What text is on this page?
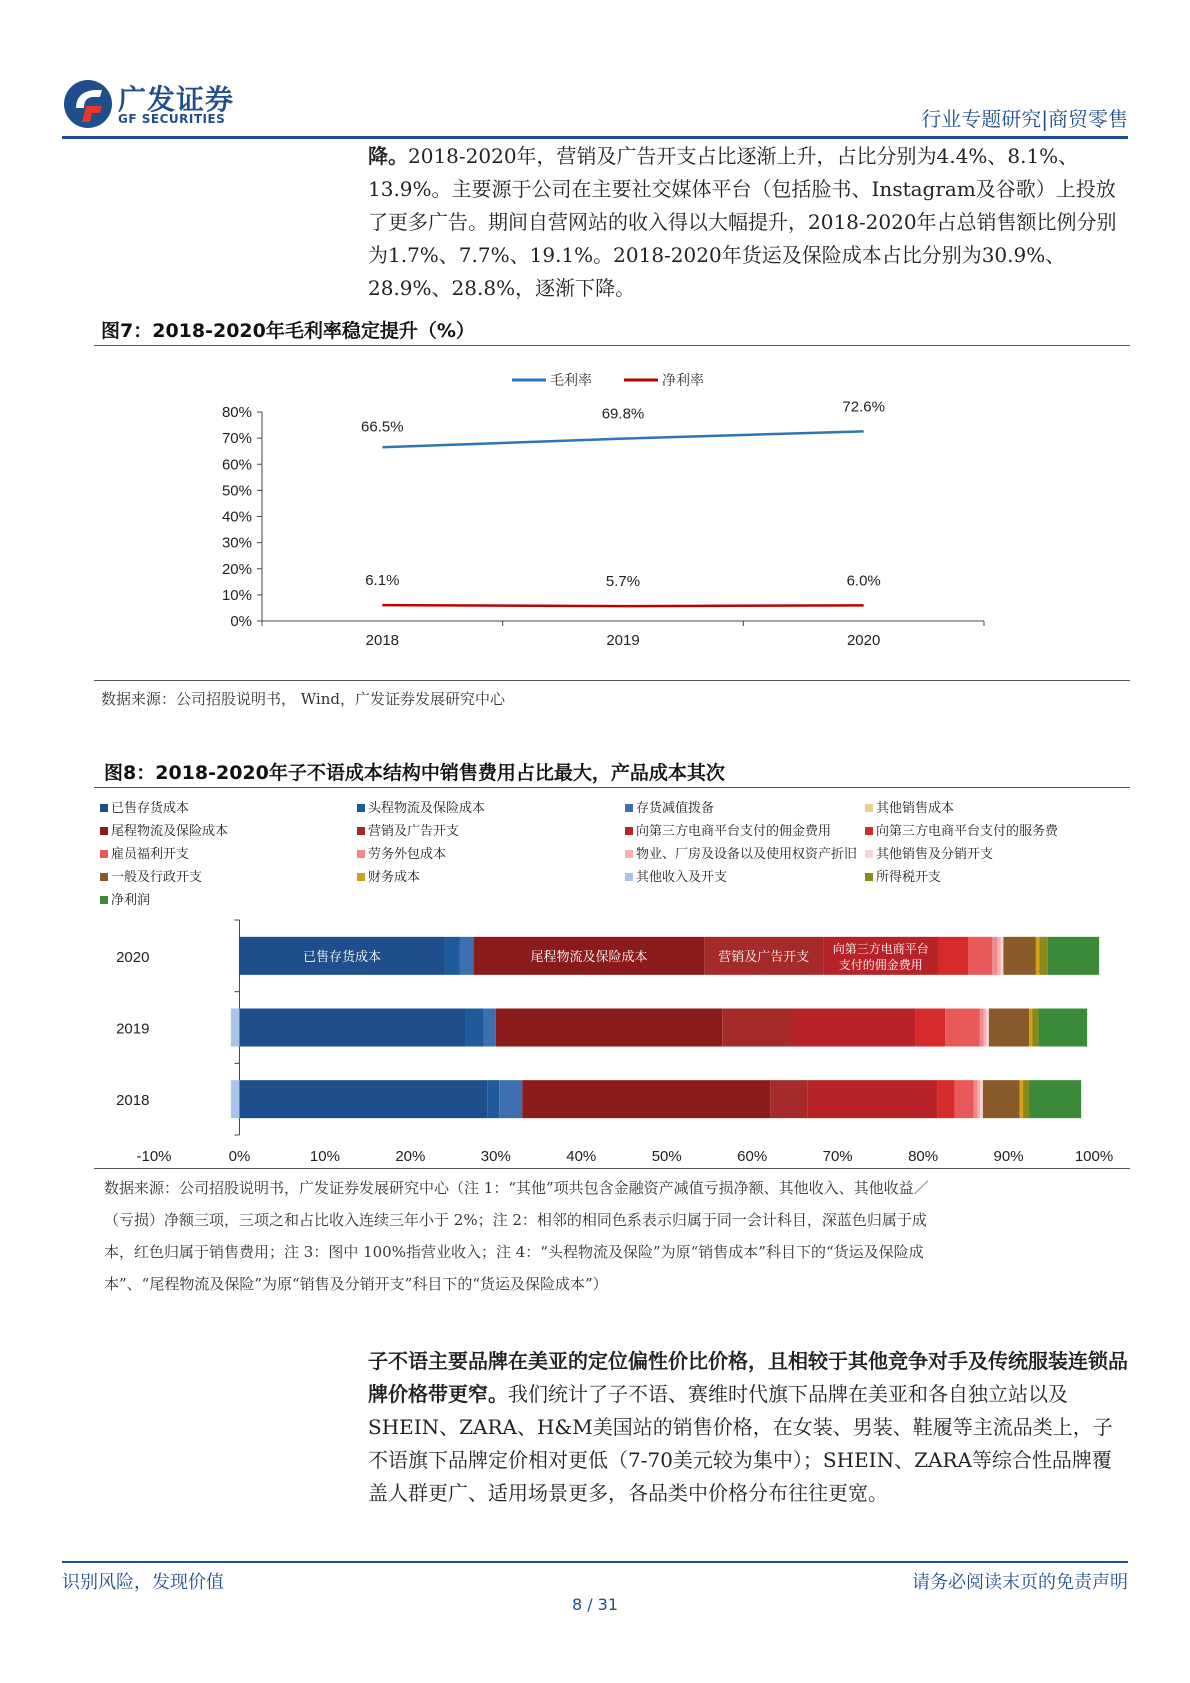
广发证券
GF SECURITIES	行业专题研究|商贸零售

降。2018-2020年，营销及广告开支占比逐渐上升，占比分别为4.4%、8.1%、13.9%。主要源于公司在主要社交媒体平台（包括脸书、Instagram及谷歌）上投放了更多广告。期间自营网站的收入得以大幅提升，2018-2020年占总销售额比例分别为1.7%、7.7%、19.1%。2018-2020年货运及保险成本占比分别为30.9%、28.9%、28.8%，逐渐下降。

图7：2018-2020年毛利率稳定提升（%）
0%
10%
20%
30%
40%
50%
60%
70%
80%
2018	2019	2020
66.5%
69.8%	72.6%
6.1%	5.7%	6.0%
毛利率	净利率
数据来源：公司招股说明书， Wind，广发证券发展研究中心
图8：2018-2020年子不语成本结构中销售费用占比最大，产品成本其次
已售存货成本	头程物流及保险成本	存货减值拨备	其他销售成本
尾程物流及保险成本	营销及广告开支	向第三方电商平台支付的佣金费用	向第三方电商平台支付的服务费
雇员福利开支	劳务外包成本	物业、厂房及设备以及使用权资产折旧	其他销售及分销开支
一般及行政开支	财务成本	其他收入及开支	所得税开支
净利润
-10%	0%	10%	20%	30%	40%	50%	60%	70%	80%	90%	100%
2020	已售存货成本	尾程物流及保险成本	营销及广告开支
向第三方电商平台
支付的佣金费用
2019
2018
数据来源：公司招股说明书，广发证券发展研究中心（注 1：“其他”项共包含金融资产减值亏损净额、其他收入、其他收益／
（亏损）净额三项，三项之和占比收入连续三年小于 2%；注 2：相邻的相同色系表示归属于同一会计科目，深蓝色归属于成
本，红色归属于销售费用；注 3：图中 100%指营业收入；注 4：“头程物流及保险”为原“销售成本”科目下的“货运及保险成
本”、“尾程物流及保险”为原“销售及分销开支”科目下的“货运及保险成本”）

子不语主要品牌在美亚的定位偏性价比价格，且相较于其他竞争对手及传统服装连锁品牌价格带更窄。我们统计了子不语、赛维时代旗下品牌在美亚和各自独立站以及SHEIN、ZARA、H&M美国站的销售价格，在女装、男装、鞋履等主流品类上，子不语旗下品牌定价相对更低（7-70美元较为集中）；SHEIN、ZARA等综合性品牌覆盖人群更广、适用场景更多，各品类中价格分布往往更宽。

识别风险，发现价值	请务必阅读末页的免责声明
8 / 31
